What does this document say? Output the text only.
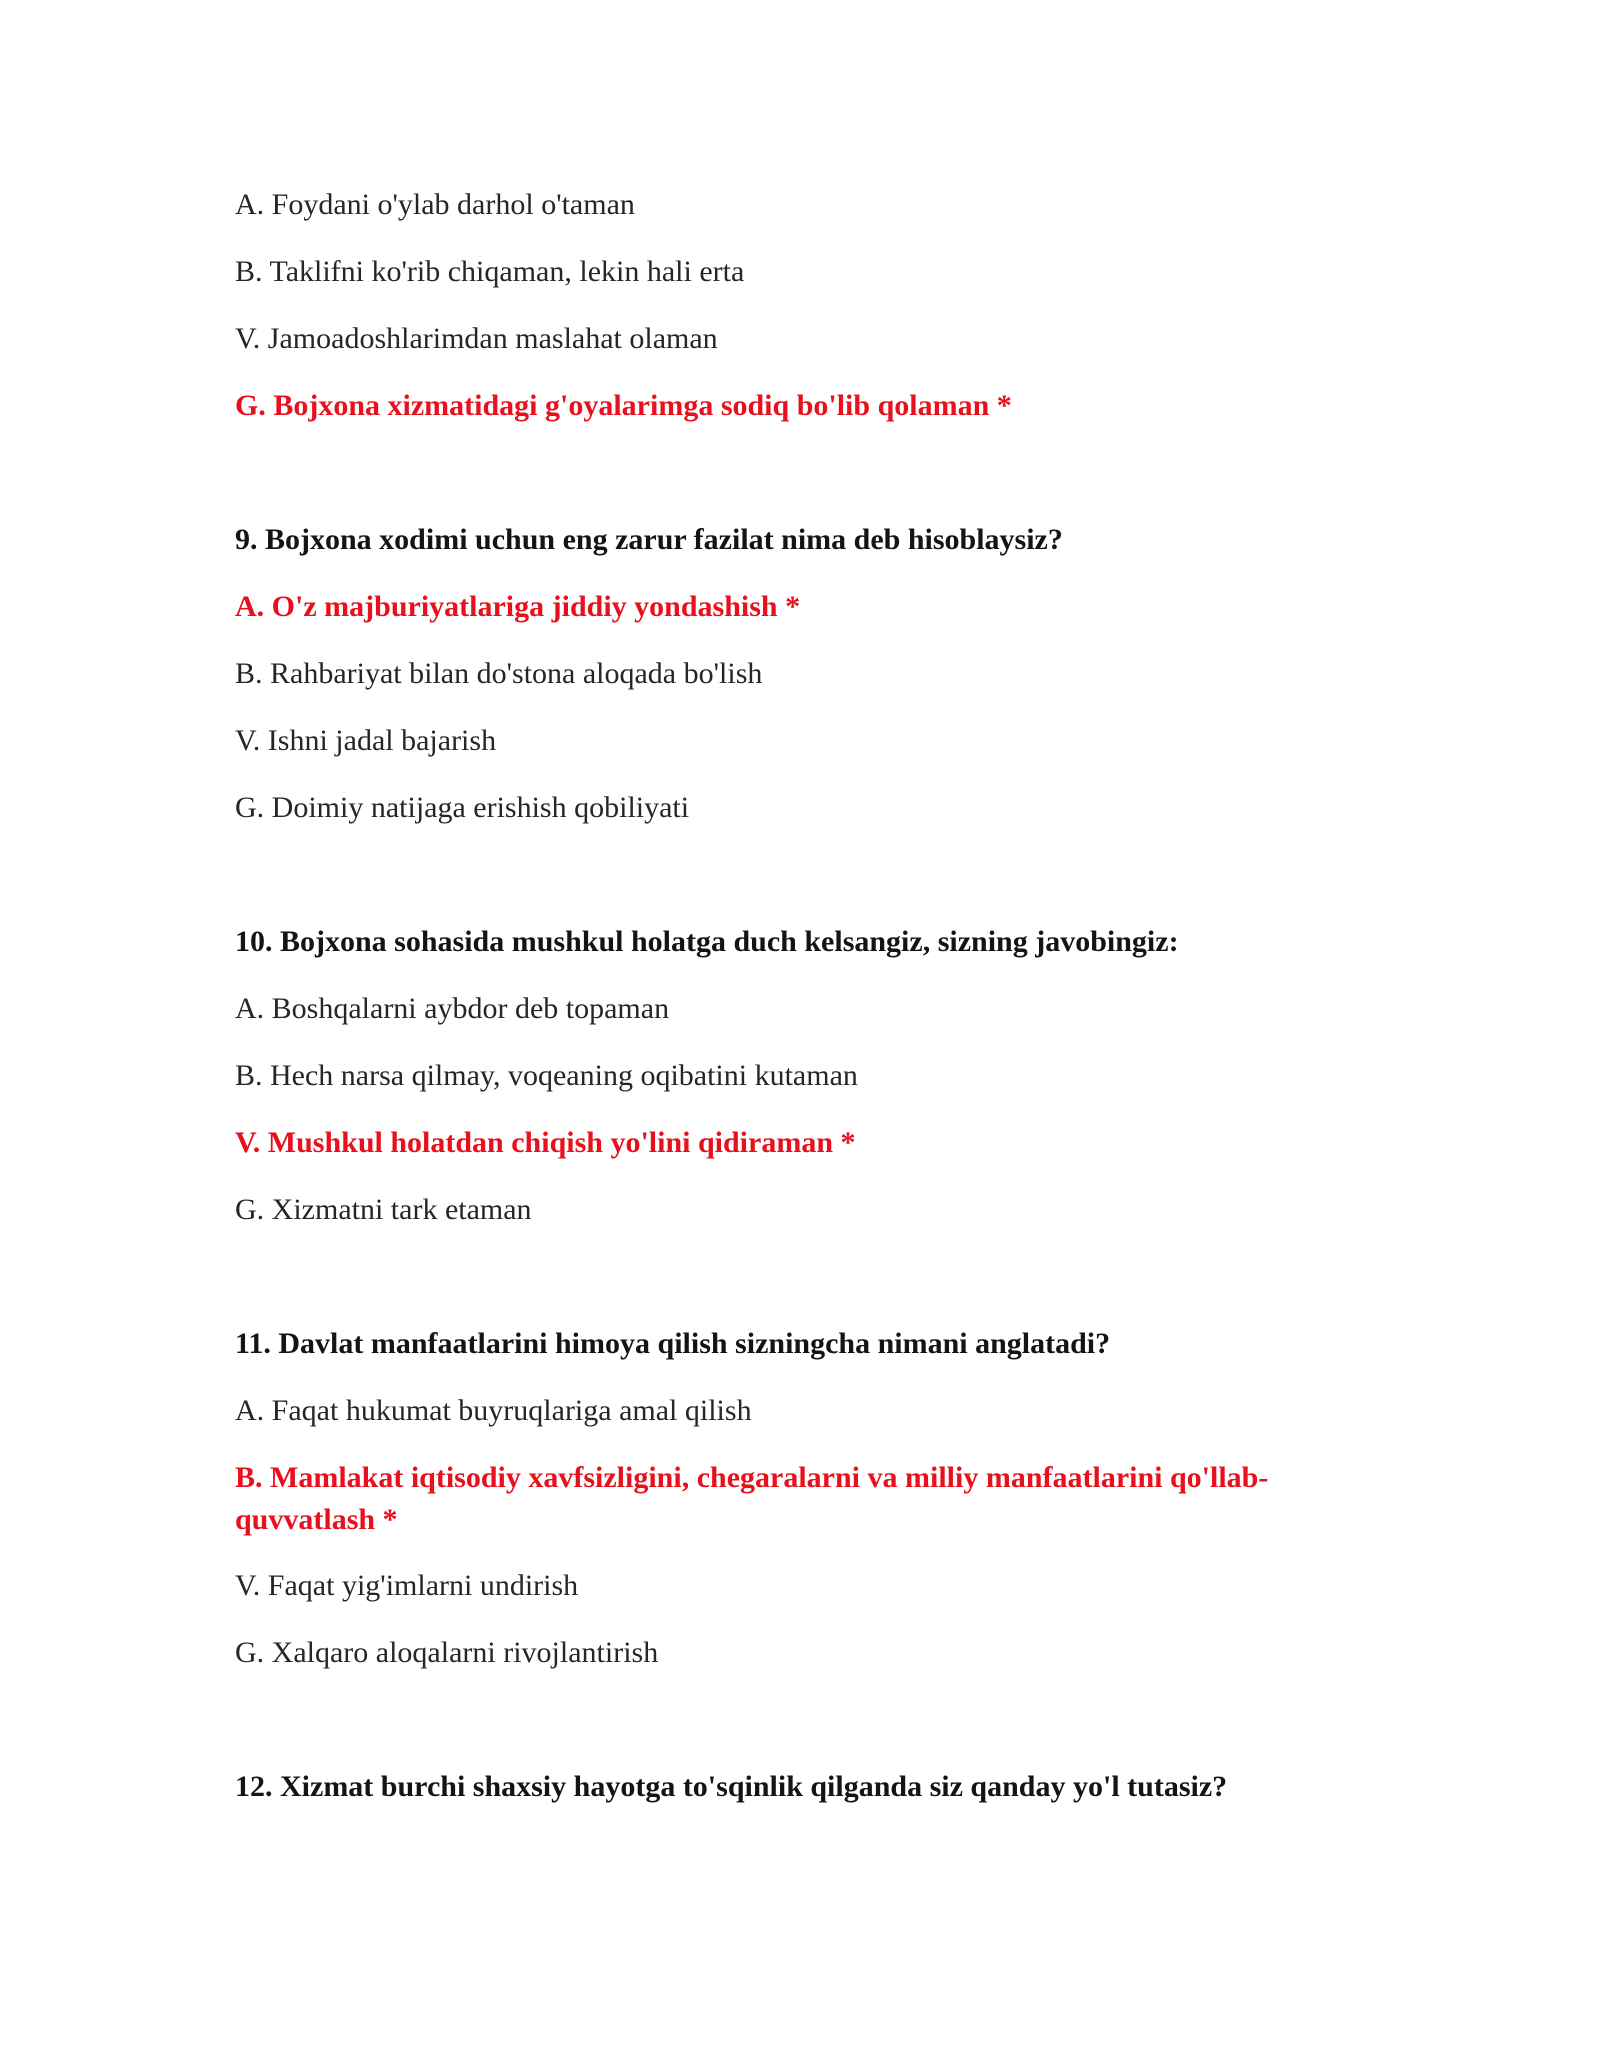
A. Foydani o'ylab darhol o'taman
B. Taklifni ko'rib chiqaman, lekin hali erta
V. Jamoadoshlarimdan maslahat olaman
G. Bojxona xizmatidagi g'oyalarimga sodiq bo'lib qolaman *
9. Bojxona xodimi uchun eng zarur fazilat nima deb hisoblaysiz?
A. O'z majburiyatlariga jiddiy yondashish *
B. Rahbariyat bilan do'stona aloqada bo'lish
V. Ishni jadal bajarish
G. Doimiy natijaga erishish qobiliyati
10. Bojxona sohasida mushkul holatga duch kelsangiz, sizning javobingiz:
A. Boshqalarni aybdor deb topaman
B. Hech narsa qilmay, voqeaning oqibatini kutaman
V. Mushkul holatdan chiqish yo'lini qidiraman *
G. Xizmatni tark etaman
11. Davlat manfaatlarini himoya qilish sizningcha nimani anglatadi?
A. Faqat hukumat buyruqlariga amal qilish
B. Mamlakat iqtisodiy xavfsizligini, chegaralarni va milliy manfaatlarini qo'llab-quvvatlash *
V. Faqat yig'imlarni undirish
G. Xalqaro aloqalarni rivojlantirish
12. Xizmat burchi shaxsiy hayotga to'sqinlik qilganda siz qanday yo'l tutasiz?
